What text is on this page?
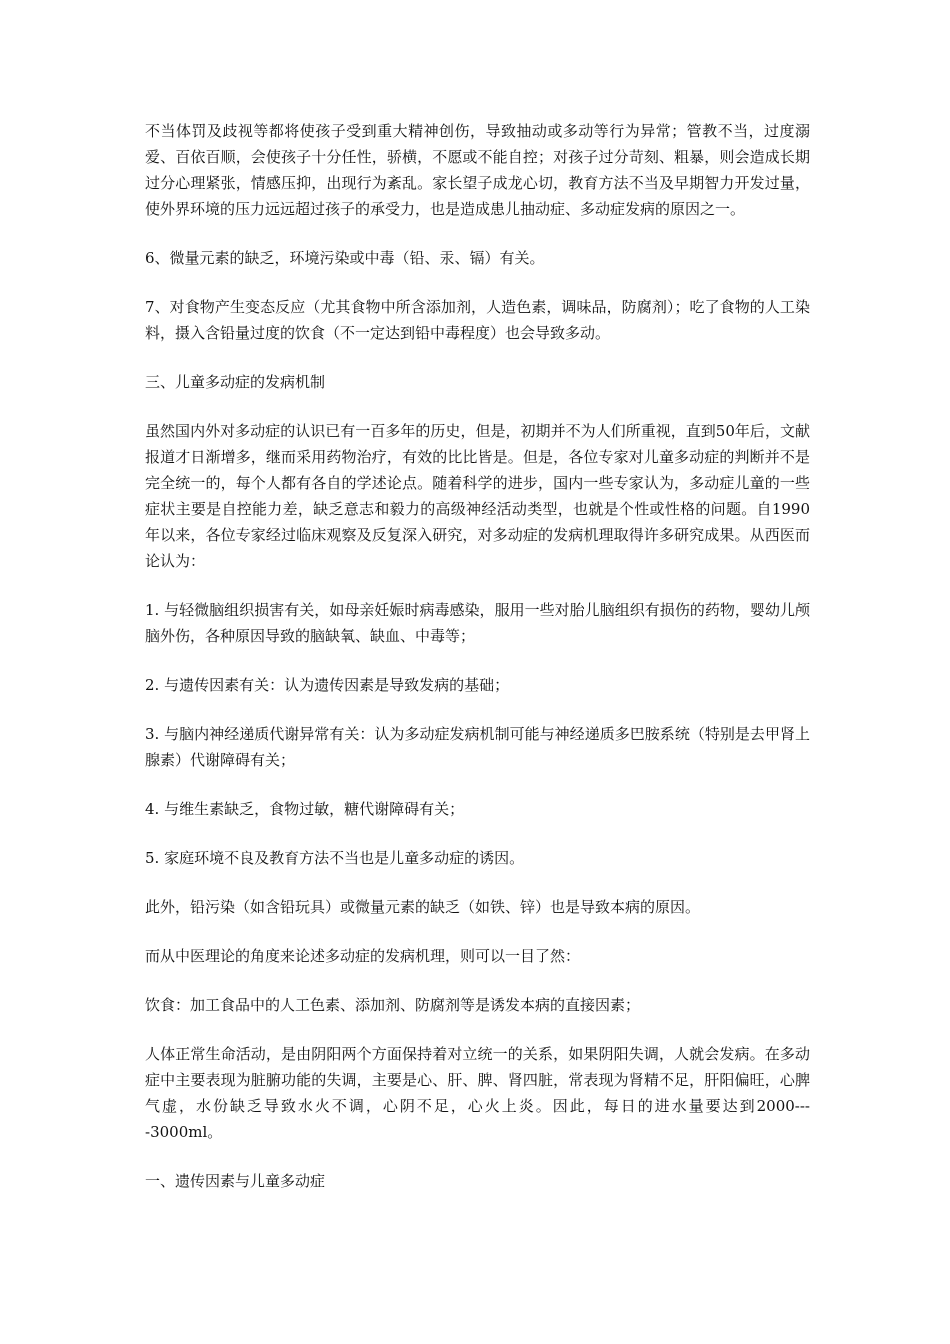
不当体罚及歧视等都将使孩子受到重大精神创伤，导致抽动或多动等行为异常；管教不当，过度溺爱、百依百顺，会使孩子十分任性，骄横，不愿或不能自控；对孩子过分苛刻、粗暴，则会造成长期过分心理紧张，情感压抑，出现行为紊乱。家长望子成龙心切，教育方法不当及早期智力开发过量，使外界环境的压力远远超过孩子的承受力，也是造成患儿抽动症、多动症发病的原因之一。

6、微量元素的缺乏，环境污染或中毒（铅、汞、镉）有关。

7、对食物产生变态反应（尤其食物中所含添加剂，人造色素，调味品，防腐剂）；吃了食物的人工染料，摄入含铅量过度的饮食（不一定达到铅中毒程度）也会导致多动。

三、儿童多动症的发病机制

虽然国内外对多动症的认识已有一百多年的历史，但是，初期并不为人们所重视，直到50年后，文献报道才日渐增多，继而采用药物治疗，有效的比比皆是。但是，各位专家对儿童多动症的判断并不是完全统一的，每个人都有各自的学述论点。随着科学的进步，国内一些专家认为，多动症儿童的一些症状主要是自控能力差，缺乏意志和毅力的高级神经活动类型，也就是个性或性格的问题。自1990年以来，各位专家经过临床观察及反复深入研究，对多动症的发病机理取得许多研究成果。从西医而论认为：

1. 与轻微脑组织损害有关，如母亲妊娠时病毒感染，服用一些对胎儿脑组织有损伤的药物，婴幼儿颅脑外伤，各种原因导致的脑缺氧、缺血、中毒等；

2. 与遗传因素有关：认为遗传因素是导致发病的基础；

3. 与脑内神经递质代谢异常有关：认为多动症发病机制可能与神经递质多巴胺系统（特别是去甲肾上腺素）代谢障碍有关；

4. 与维生素缺乏，食物过敏，糖代谢障碍有关；

5. 家庭环境不良及教育方法不当也是儿童多动症的诱因。

此外，铅污染（如含铅玩具）或微量元素的缺乏（如铁、锌）也是导致本病的原因。

而从中医理论的角度来论述多动症的发病机理，则可以一目了然：

饮食：加工食品中的人工色素、添加剂、防腐剂等是诱发本病的直接因素；

人体正常生命活动，是由阴阳两个方面保持着对立统一的关系，如果阴阳失调，人就会发病。在多动症中主要表现为脏腑功能的失调，主要是心、肝、脾、肾四脏，常表现为肾精不足，肝阳偏旺，心脾气虚，水份缺乏导致水火不调，心阴不足，心火上炎。因此，每日的进水量要达到2000----3000ml。

一、遗传因素与儿童多动症
